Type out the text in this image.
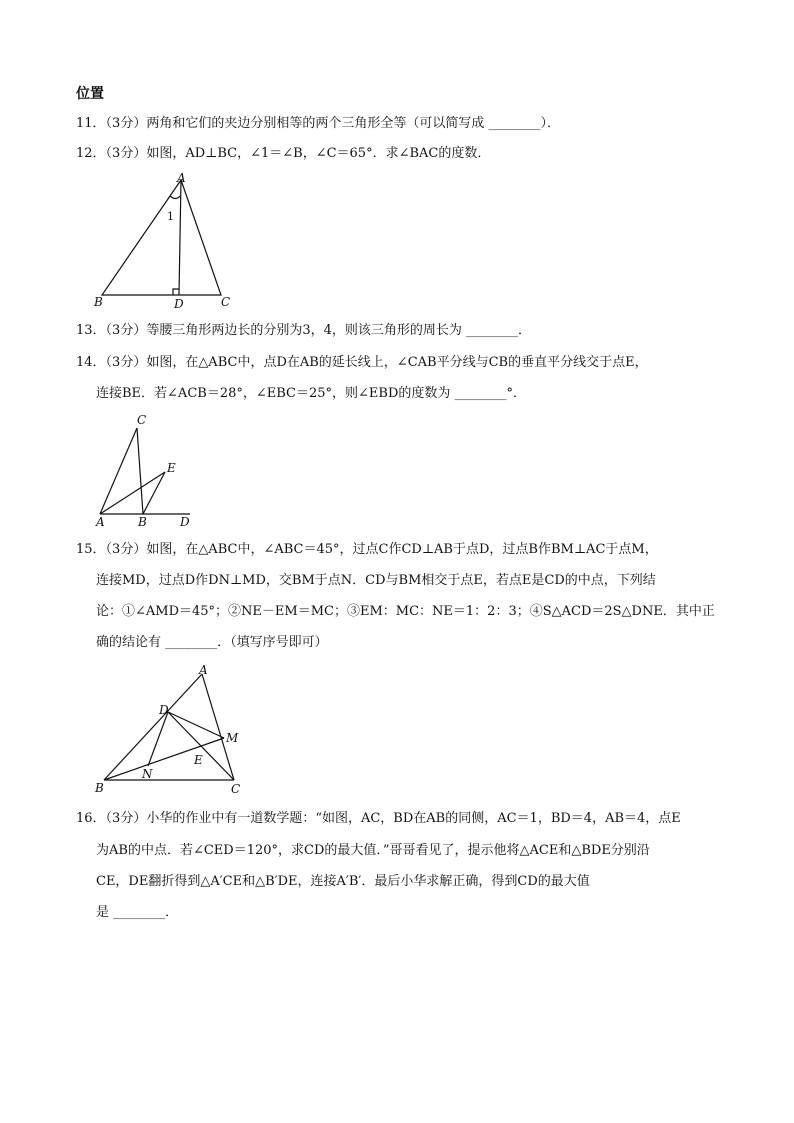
位置
11．（3分）两角和它们的夹边分别相等的两个三角形全等（可以简写成 ________）．
12．（3分）如图，AD⊥BC，∠1＝∠B，∠C＝65°．求∠BAC的度数．
A
B	D	C
1
13．（3分）等腰三角形两边长的分别为3，4，则该三角形的周长为 ________．
14．（3分）如图，在△ABC中，点D在AB的延长线上，∠CAB平分线与CB的垂直平分线交于点E，
连接BE．若∠ACB＝28°，∠EBC＝25°，则∠EBD的度数为 ________°．
C
E
A	B	D
15．（3分）如图，在△ABC中，∠ABC＝45°，过点C作CD⊥AB于点D，过点B作BM⊥AC于点M，
连接MD，过点D作DN⊥MD，交BM于点N．CD与BM相交于点E，若点E是CD的中点，下列结
论：①∠AMD＝45°；②NE－EM＝MC；③EM：MC：NE＝1：2：3；④S△ACD＝2S△DNE．其中正
确的结论有 ________．（填写序号即可）
A
D
M
E
N
B	C
16．（3分）小华的作业中有一道数学题：“如图，AC，BD在AB的同侧，AC＝1，BD＝4，AB＝4，点E
为AB的中点．若∠CED＝120°，求CD的最大值．”哥哥看见了，提示他将△ACE和△BDE分别沿
CE，DE翻折得到△A′CE和△B′DE，连接A′B′．最后小华求解正确，得到CD的最大值
是 ________．
